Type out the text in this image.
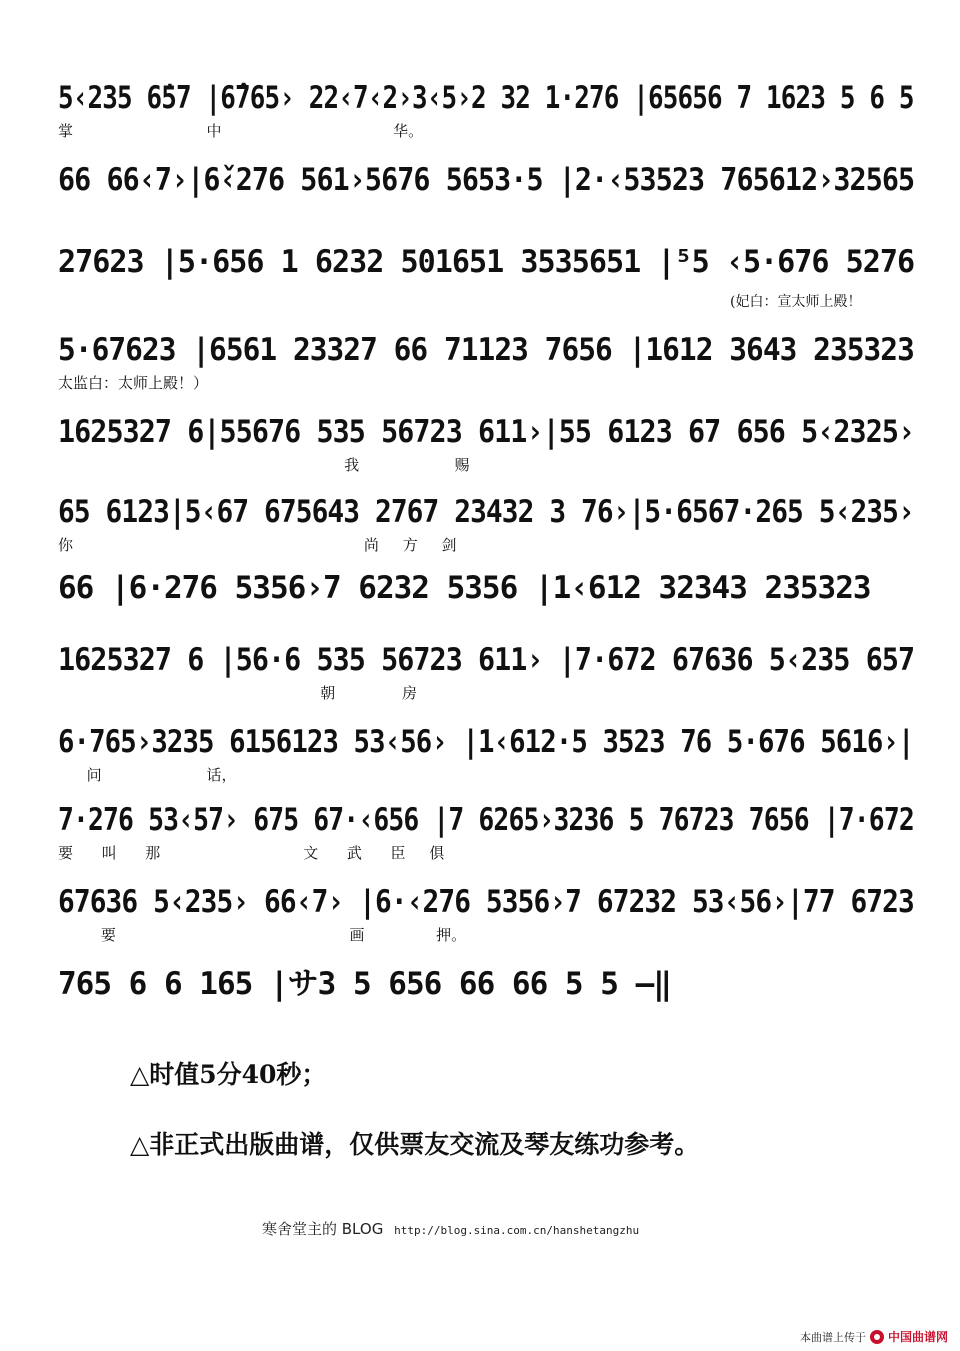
5‹235 6̇57 |6̂765› 22‹7‹2›3‹5›2 32 1·276 |65656 7 1623 5 6 5
掌                            中                                    华。
66 66‹7›|6̌‹276 561›5676 5653·5 |2·‹53523 765612›32565
27623 |5·656 1 6232 501651 3535651 |⁵5 ‹5·676 5276
(妃白：宣太师上殿！
5·67623 |6561 23327 66 71123 7656 |1612 3643 235323
太监白：太师上殿！）
1625327 6|55676 535 56723 611›|55 6123 67 656 5‹2325›
我                    赐
65 6123|5‹67 675643 2767 23432 3 76›|5·6567·265 5‹235›
你                                                             尚     方     剑
66 |6·276 5356›7 6232 5356 |1‹612 32343 235323
1625327 6 |56·6 535 56723 611› |7·672 67636 5‹235 657
朝              房
6·765›3235 6156123 53‹56› |1‹612·5 3523 76 5·676 5616›|
问                      话，
7·276 53‹57› 675 67·‹656 |7 6265›3236 5 76723 7656 |7·672
要      叫      那                              文      武      臣     俱
67636 5‹235› 66‹7› |6·‹276 5356›7 67232 53‹56›|77 6723
要                                                 画               押。
765 6 6 165 |サ3 5 656 66 66 5 5 —‖
△时值5分40秒；
△非正式出版曲谱，仅供票友交流及琴友练功参考。
寒舍堂主的 BLOG http://blog.sina.com.cn/hanshetangzhu
本曲谱上传于 中国曲谱网
